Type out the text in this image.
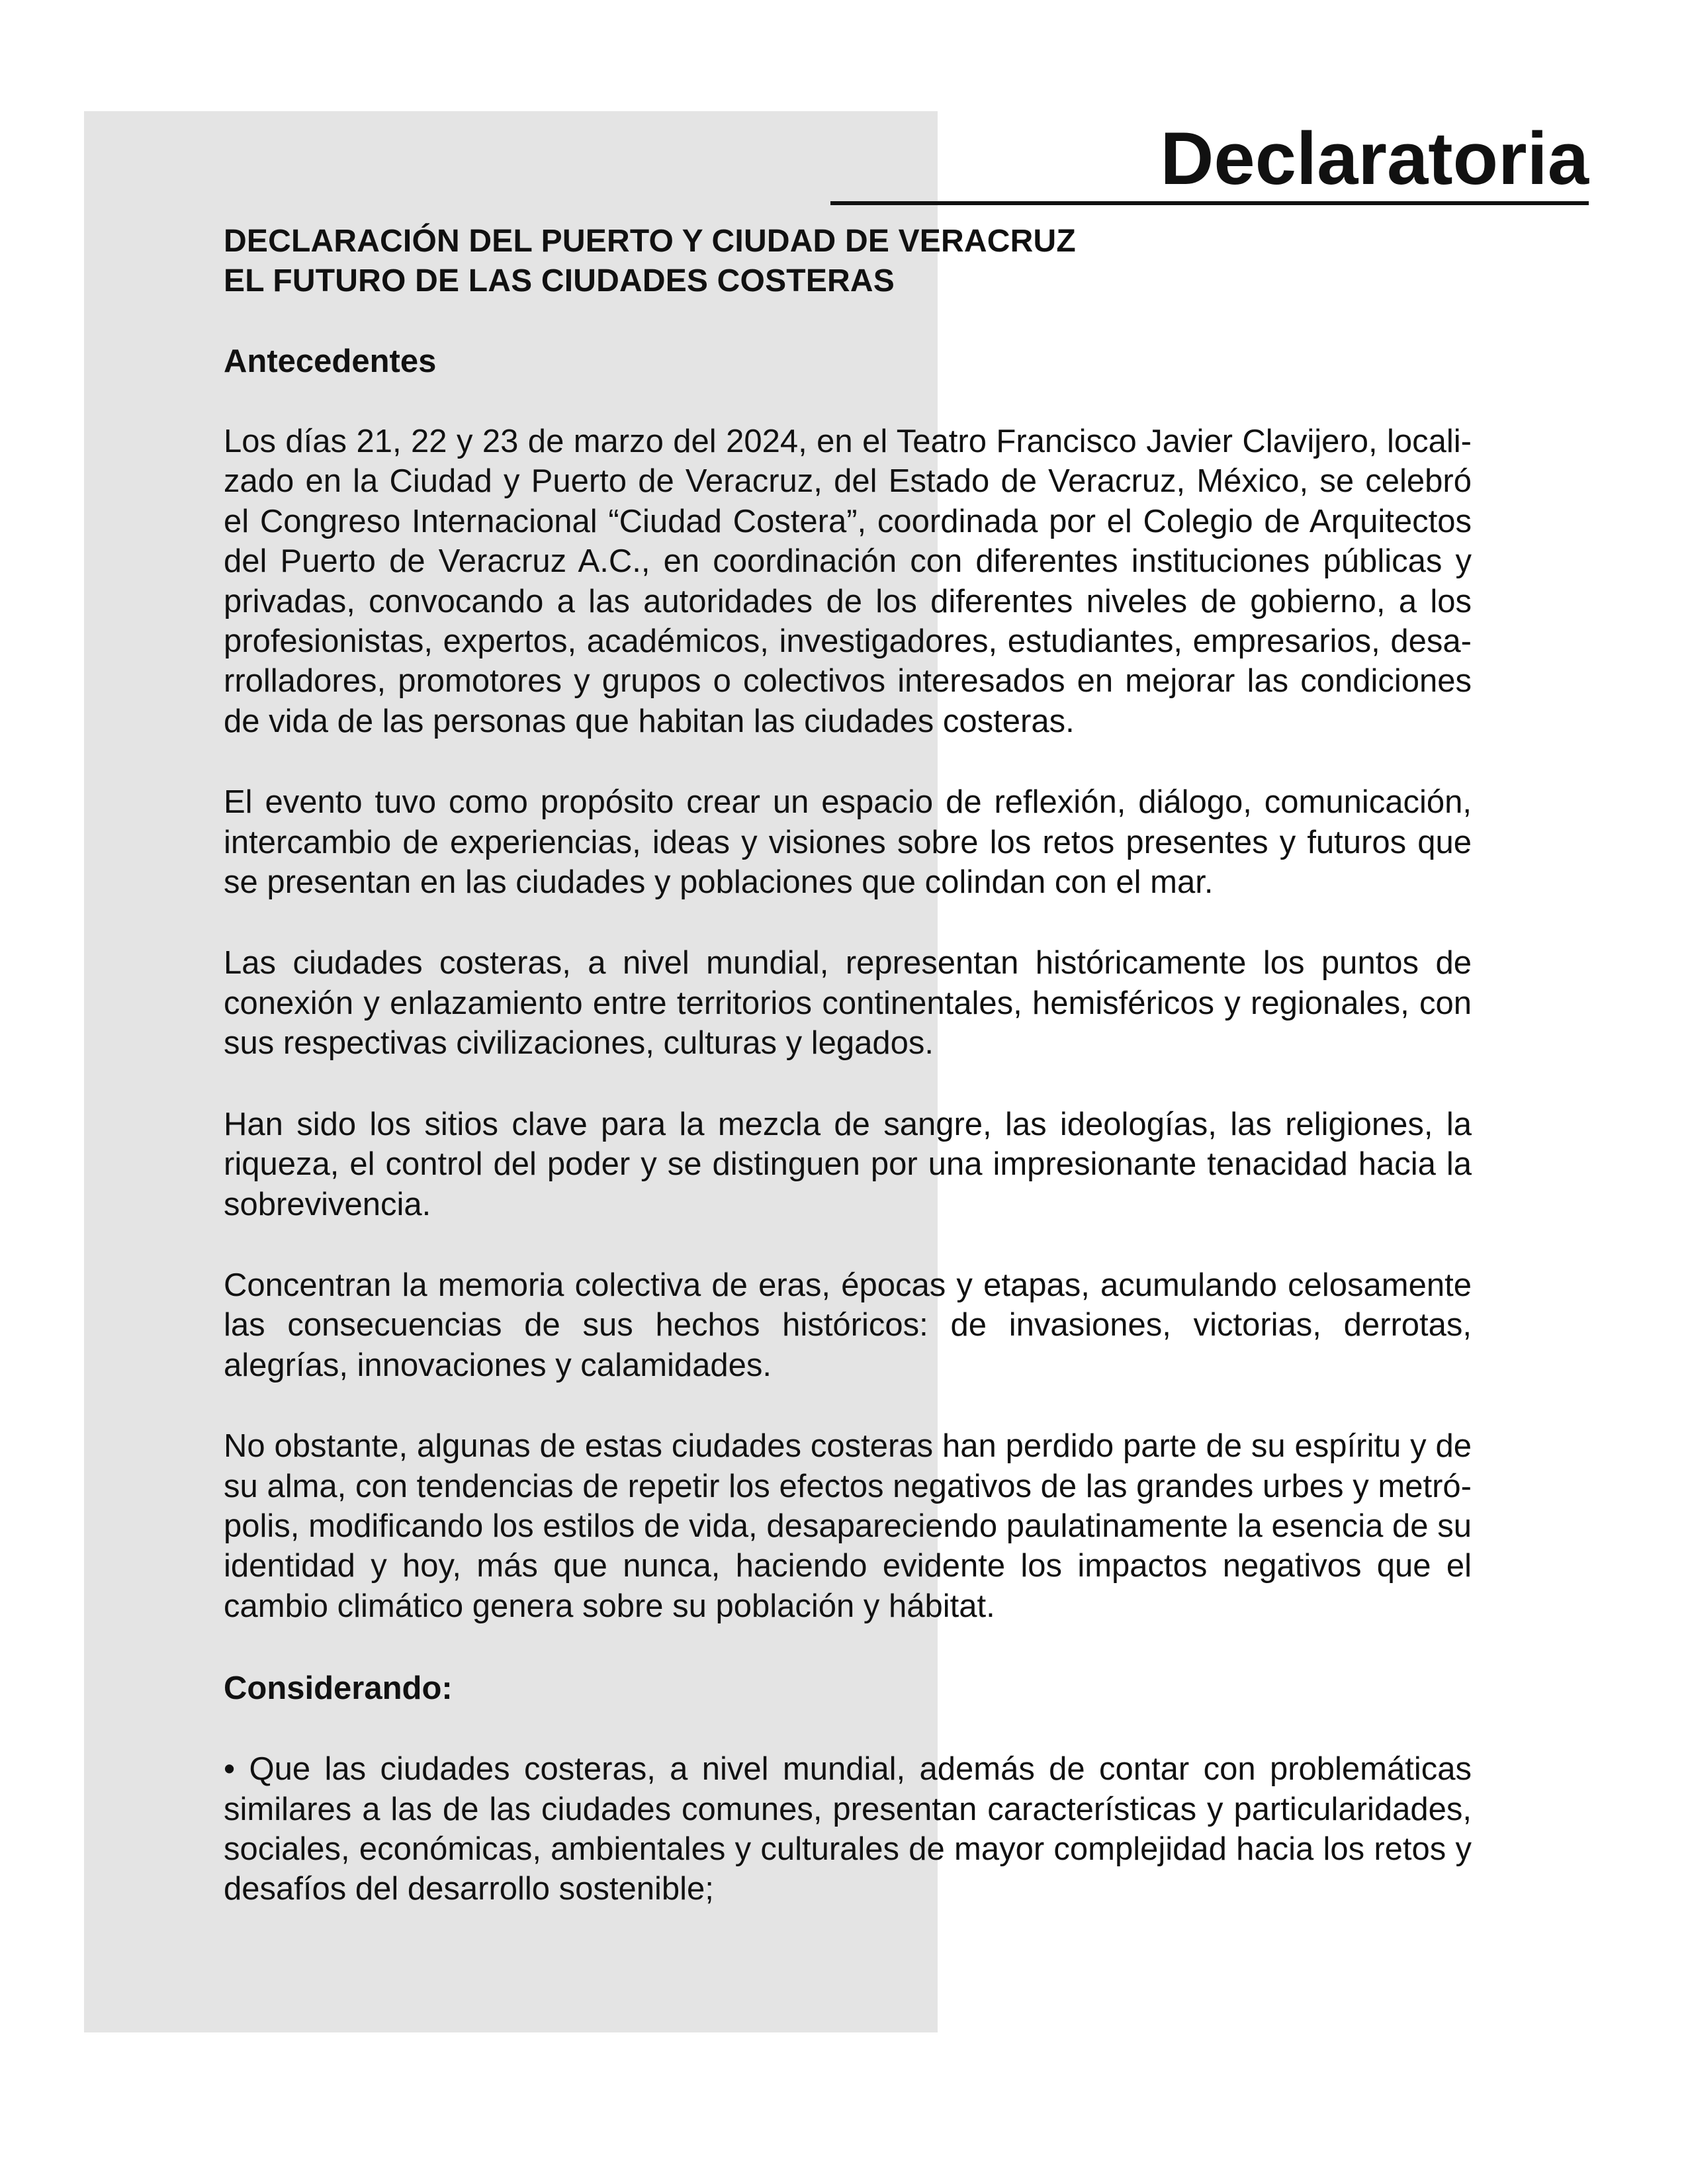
Declaratoria
DECLARACIÓN DEL PUERTO Y CIUDAD DE VERACRUZ
EL FUTURO DE LAS CIUDADES COSTERAS
Antecedentes

Los días 21, 22 y 23 de marzo del 2024, en el Teatro Francisco Javier Clavijero, localizado en la Ciudad y Puerto de Veracruz, del Estado de Veracruz, México, se celebró el Congreso Internacional “Ciudad Costera”, coordinada por el Colegio de Arquitectos del Puerto de Veracruz A.C., en coordinación con diferentes instituciones públicas y privadas, convocando a las autoridades de los diferentes niveles de gobierno, a los profesionistas, expertos, académicos, investigadores, estudiantes, empresarios, desarrolladores, promotores y grupos o colectivos interesados en mejorar las condiciones de vida de las personas que habitan las ciudades costeras.

El evento tuvo como propósito crear un espacio de reflexión, diálogo, comunicación, intercambio de experiencias, ideas y visiones sobre los retos presentes y futuros que se presentan en las ciudades y poblaciones que colindan con el mar.

Las ciudades costeras, a nivel mundial, representan históricamente los puntos de conexión y enlazamiento entre territorios continentales, hemisféricos y regionales, con sus respectivas civilizaciones, culturas y legados.

Han sido los sitios clave para la mezcla de sangre, las ideologías, las religiones, la riqueza, el control del poder y se distinguen por una impresionante tenacidad hacia la sobrevivencia.

Concentran la memoria colectiva de eras, épocas y etapas, acumulando celosamente las consecuencias de sus hechos históricos: de invasiones, victorias, derrotas, alegrías, innovaciones y calamidades.

No obstante, algunas de estas ciudades costeras han perdido parte de su espíritu y de su alma, con tendencias de repetir los efectos negativos de las grandes urbes y metrópolis, modificando los estilos de vida, desapareciendo paulatinamente la esencia de su identidad y hoy, más que nunca, haciendo evidente los impactos negativos que el cambio climático genera sobre su población y hábitat.

Considerando:

• Que las ciudades costeras, a nivel mundial, además de contar con problemáticas similares a las de las ciudades comunes, presentan características y particularidades, sociales, económicas, ambientales y culturales de mayor complejidad hacia los retos y desafíos del desarrollo sostenible;
